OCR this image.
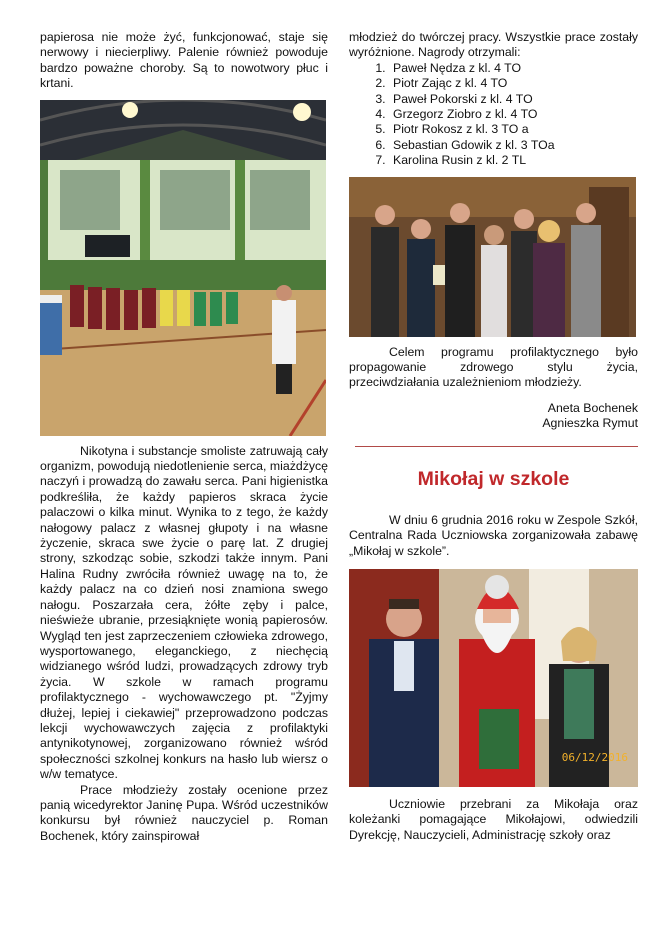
papierosa nie może żyć, funkcjonować, staje się nerwowy i niecierpliwy. Palenie również powoduje bardzo poważne choroby. Są to nowotwory płuc i krtani.

Nikotyna i substancje smoliste zatruwają cały organizm, powodują niedotlenienie serca, miażdżycę naczyń i prowadzą do zawału serca. Pani higienistka podkreśliła, że każdy papieros skraca życie palaczowi o kilka minut. Wynika to z tego, że każdy nałogowy palacz z własnej głupoty i na własne życzenie, skraca swe życie o parę lat. Z drugiej strony, szkodząc sobie, szkodzi także innym. Pani Halina Rudny zwróciła również uwagę na to, że każdy palacz na co dzień nosi znamiona swego nałogu. Poszarzała cera, żółte zęby i palce, nieświeże ubranie, przesiąknięte wonią papierosów. Wygląd ten jest zaprzeczeniem człowieka zdrowego, wysportowanego, eleganckiego, z niechęcią widzianego wśród ludzi, prowadzących zdrowy tryb życia. W szkole w ramach programu profilaktycznego - wychowawczego pt. "Żyjmy dłużej, lepiej i ciekawiej" przeprowadzono podczas lekcji wychowawczych zajęcia z profilaktyki antynikotynowej, zorganizowano również wśród społeczności szkolnej konkurs na hasło lub wiersz o w/w tematyce.

Prace młodzieży zostały ocenione przez panią wicedyrektor Janinę Pupa. Wśród uczestników konkursu był również nauczyciel p. Roman Bochenek, który zainspirował

młodzież do twórczej pracy. Wszystkie prace zostały wyróżnione. Nagrody otrzymali:

1. Paweł Nędza z kl. 4 TO
2. Piotr Zając z kl. 4 TO
3. Paweł Pokorski z kl. 4 TO
4. Grzegorz Ziobro z kl. 4 TO
5. Piotr Rokosz z kl. 3 TO a
6. Sebastian Gdowik z kl. 3 TOa
7. Karolina Rusin z kl. 2 TL

Celem programu profilaktycznego było propagowanie zdrowego stylu życia, przeciwdziałania uzależnieniom młodzieży.

Aneta Bochenek

Agnieszka Rymut

Mikołaj w szkole

W dniu 6 grudnia 2016 roku w Zespole Szkół, Centralna Rada Uczniowska zorganizowała zabawę „Mikołaj w szkole”.

06/12/2016

Uczniowie przebrani za Mikołaja oraz koleżanki pomagające Mikołajowi, odwiedzili Dyrekcję, Nauczycieli, Administrację szkoły oraz
